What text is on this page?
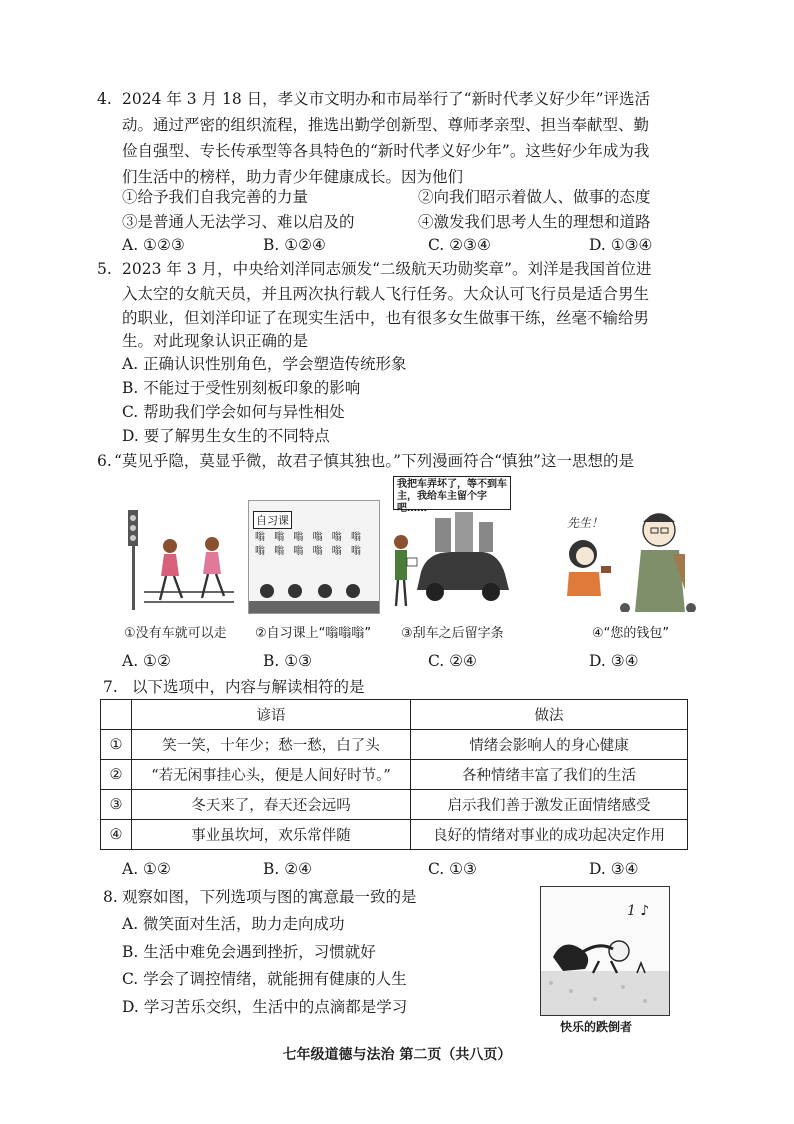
4. 2024 年 3 月 18 日，孝义市文明办和市局举行了“新时代孝义好少年”评选活
动。通过严密的组织流程，推选出勤学创新型、尊师孝亲型、担当奉献型、勤
俭自强型、专长传承型等各具特色的“新时代孝义好少年”。这些好少年成为我
们生活中的榜样，助力青少年健康成长。因为他们
①给予我们自我完善的力量	②向我们昭示着做人、做事的态度
③是普通人无法学习、难以启及的	④激发我们思考人生的理想和道路
A. ①②③	B. ①②④	C. ②③④	D. ①③④
5. 2023 年 3 月，中央给刘洋同志颁发“二级航天功勋奖章”。刘洋是我国首位进
入太空的女航天员，并且两次执行载人飞行任务。大众认可飞行员是适合男生
的职业，但刘洋印证了在现实生活中，也有很多女生做事干练，丝毫不输给男
生。对此现象认识正确的是
A. 正确认识性别角色，学会塑造传统形象
B. 不能过于受性别刻板印象的影响
C. 帮助我们学会如何与异性相处
D. 要了解男生女生的不同特点
6. “莫见乎隐，莫显乎微，故君子慎其独也。”下列漫画符合“慎独”这一思想的是
自习课
嗡 嗡 嗡 嗡 嗡 嗡 嗡 嗡 嗡 嗡 嗡 嗡
我把车弄坏了，等不到车主，我给车主留个字吧……
先生！
①没有车就可以走 ②自习课上“嗡嗡嗡” ③刮车之后留字条	④“您的钱包”
A. ①②	B. ①③	C. ②④	D. ③④
7. 以下选项中，内容与解读相符的是
	谚语	做法
①	笑一笑，十年少；愁一愁，白了头	情绪会影响人的身心健康
②	“若无闲事挂心头，便是人间好时节。”	各种情绪丰富了我们的生活
③	冬天来了，春天还会远吗	启示我们善于激发正面情绪感受
④	事业虽坎坷，欢乐常伴随	良好的情绪对事业的成功起决定作用
A. ①②	B. ②④	C. ①③	D. ③④
8. 观察如图，下列选项与图的寓意最一致的是
A. 微笑面对生活，助力走向成功
B. 生活中难免会遇到挫折，习惯就好
C. 学会了调控情绪，就能拥有健康的人生
D. 学习苦乐交织，生活中的点滴都是学习
1 ♪
快乐的跌倒者
七年级道德与法治 第二页（共八页）
